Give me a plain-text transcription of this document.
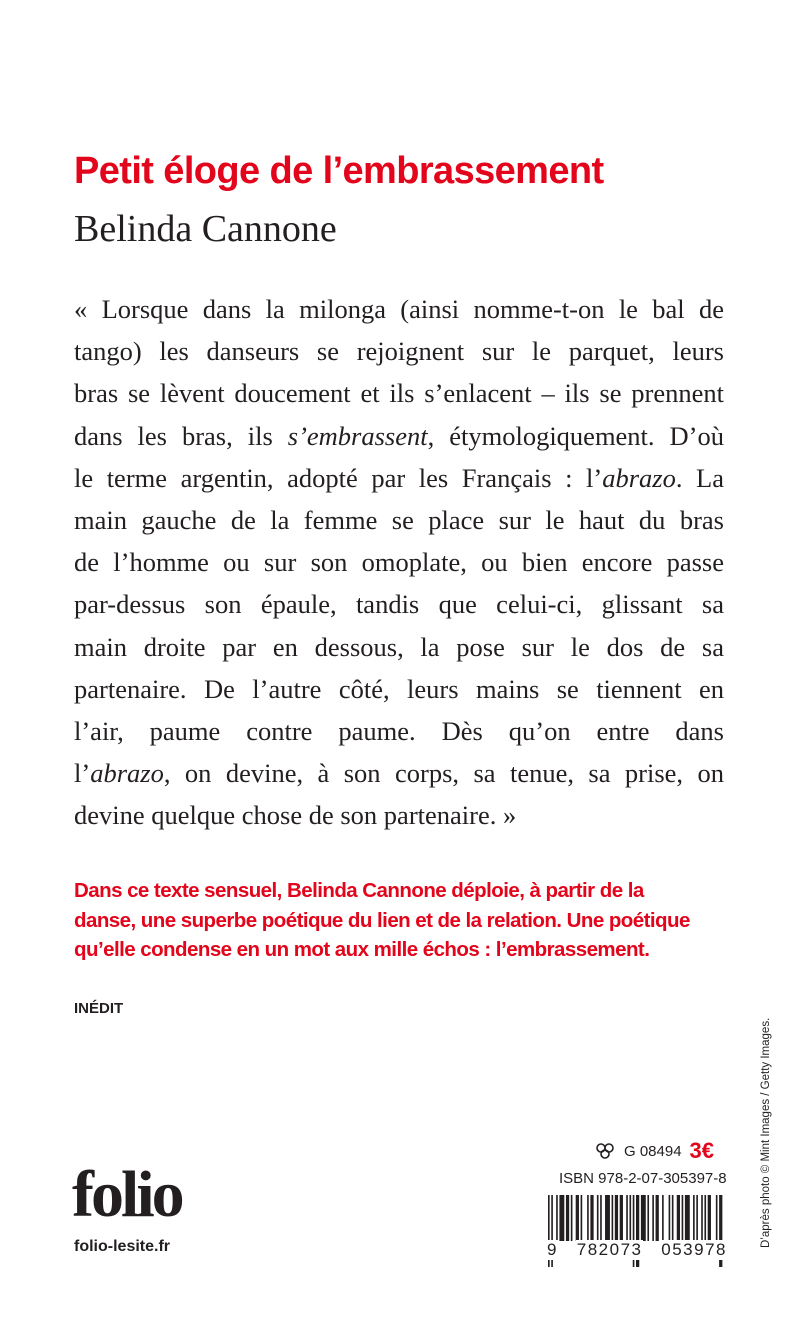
Petit éloge de l’embrassement
Belinda Cannone
« Lorsque dans la milonga (ainsi nomme-t-on le bal de
tango) les danseurs se rejoignent sur le parquet, leurs
bras se lèvent doucement et ils s’enlacent – ils se prennent
dans les bras, ils s’embrassent, étymologiquement. D’où
le terme argentin, adopté par les Français : l’abrazo. La
main gauche de la femme se place sur le haut du bras
de l’homme ou sur son omoplate, ou bien encore passe
par-dessus son épaule, tandis que celui-ci, glissant sa
main droite par en dessous, la pose sur le dos de sa
partenaire. De l’autre côté, leurs mains se tiennent en
l’air, paume contre paume. Dès qu’on entre dans
l’abrazo, on devine, à son corps, sa tenue, sa prise, on
devine quelque chose de son partenaire. »
Dans ce texte sensuel, Belinda Cannone déploie, à partir de la
danse, une superbe poétique du lien et de la relation. Une poétique
qu’elle condense en un mot aux mille échos : l’embrassement.
INÉDIT
D’après photo © Mint Images / Getty Images.
folio
folio-lesite.fr
G 08494 3€
ISBN 978-2-07-305397-8
9 782073 053978
